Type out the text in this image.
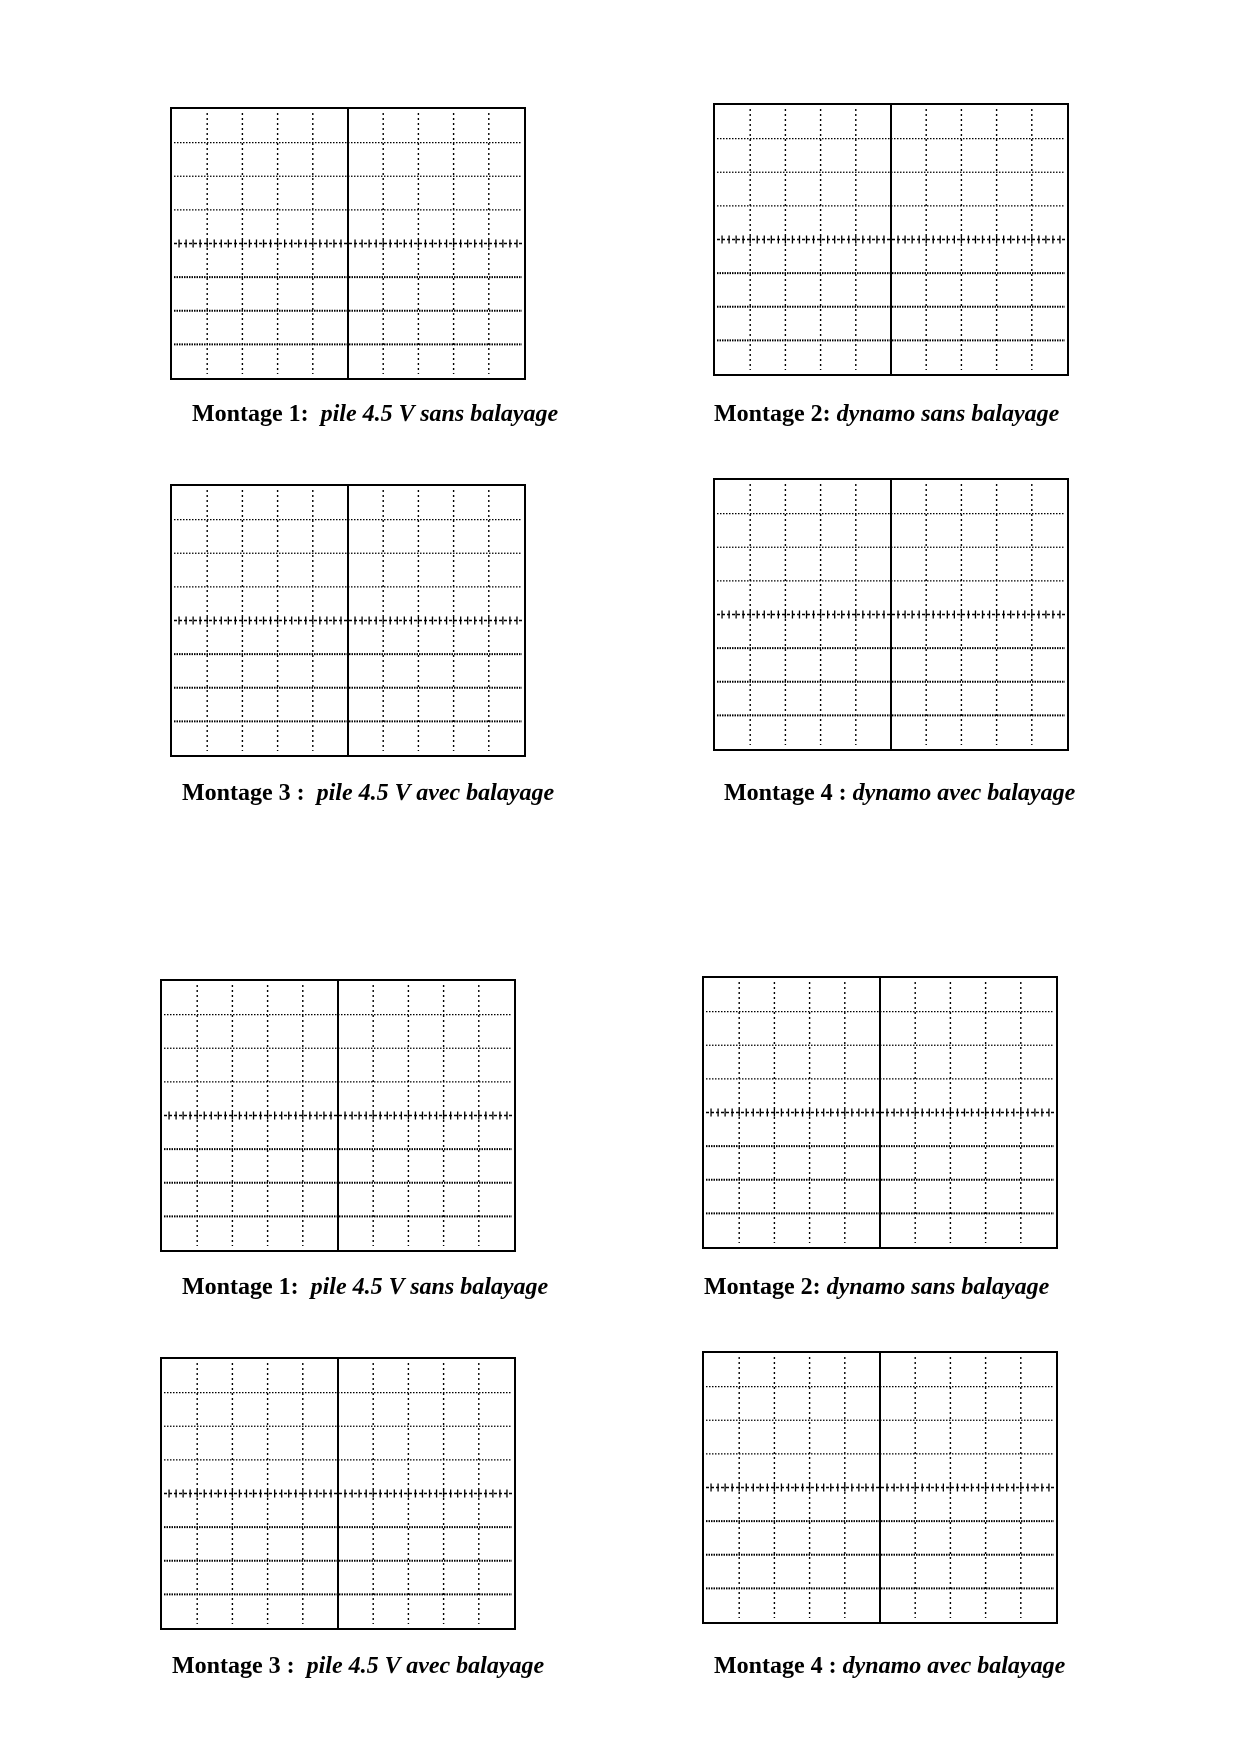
Montage 1: pile 4.5 V sans balayage	Montage 2: dynamo sans balayage
Montage 3 : pile 4.5 V avec balayage	Montage 4 : dynamo avec balayage
Montage 1: pile 4.5 V sans balayage	Montage 2: dynamo sans balayage
Montage 3 : pile 4.5 V avec balayage	Montage 4 : dynamo avec balayage
